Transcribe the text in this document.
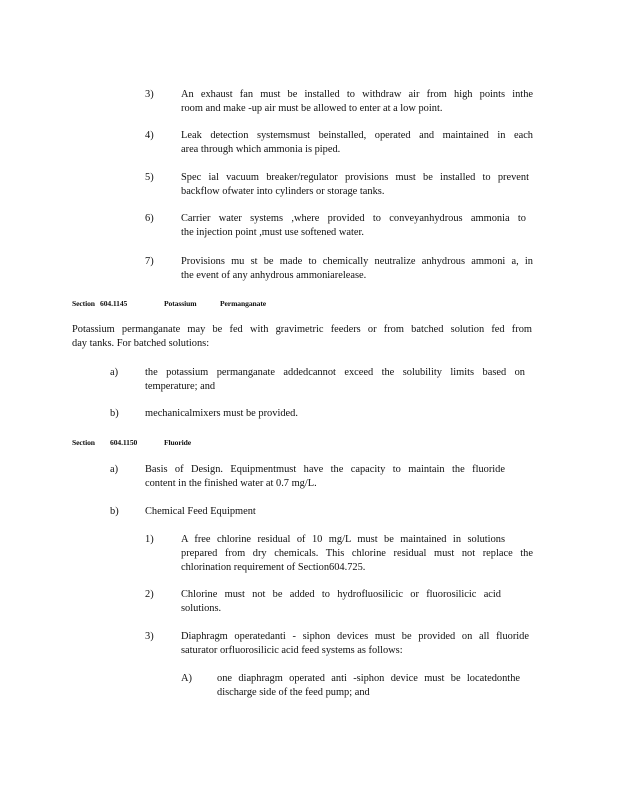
3)	An exhaust fan must be installed to withdraw air from high points inthe
room and make -up air must be allowed to enter at a low point.
4)	Leak detection systemsmust beinstalled, operated and maintained in each
area through which ammonia is piped.
5)	Spec ial vacuum breaker/regulator provisions must be installed to prevent
backflow ofwater into cylinders or storage tanks.
6)	Carrier water systems ,where provided to conveyanhydrous ammonia to
the injection point ,must use softened water.
7)	Provisions mu st be made to chemically neutralize anhydrous ammoni a, in
the event of any anhydrous ammoniarelease.
Section 604.1145	Potassium	Permanganate
Potassium permanganate may be fed with gravimetric feeders or from batched solution fed from
day tanks. For batched solutions:
a)	the potassium permanganate addedcannot exceed the solubility limits based on
temperature; and
b)	mechanicalmixers must be provided.
Section 604.1150	Fluoride
a)	Basis of Design. Equipmentmust have the capacity to maintain the fluoride
content in the finished water at 0.7 mg/L.
b)	Chemical Feed Equipment
1)	A free chlorine residual of 10 mg/L must be maintained in solutions
prepared from dry chemicals. This chlorine residual must not replace the
chlorination requirement of Section604.725.
2)	Chlorine must not be added to hydrofluosilicic or fluorosilicic acid
solutions.
3)	Diaphragm operatedanti - siphon devices must be provided on all fluoride
saturator orfluorosilicic acid feed systems as follows:
A) one diaphragm operated anti -siphon device must be locatedonthe
discharge side of the feed pump; and
